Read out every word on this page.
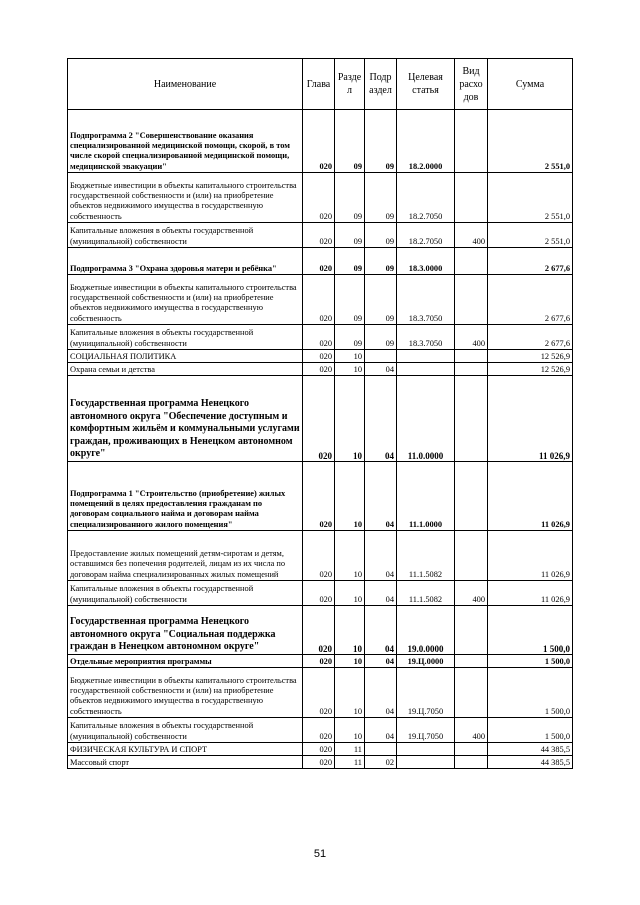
Наименование	Глава	Разде л	Подр аздел	Целевая статья	Вид расхо дов	Сумма
Подпрограмма 2 "Совершенствование оказания специализированной медицинской помощи, скорой, в том числе скорой специализированной медицинской помощи, медицинской эвакуации"	020	09	09	18.2.0000		2 551,0
Бюджетные инвестиции в объекты капитального строительства государственной собственности и (или) на приобретение объектов недвижимого имущества в государственную собственность	020	09	09	18.2.7050		2 551,0
Капитальные вложения в объекты государственной (муниципальной) собственности	020	09	09	18.2.7050	400	2 551,0
Подпрограмма 3 "Охрана здоровья матери и ребёнка"	020	09	09	18.3.0000		2 677,6
Бюджетные инвестиции в объекты капитального строительства государственной собственности и (или) на приобретение объектов недвижимого имущества в государственную собственность	020	09	09	18.3.7050		2 677,6
Капитальные вложения в объекты государственной (муниципальной) собственности	020	09	09	18.3.7050	400	2 677,6
СОЦИАЛЬНАЯ ПОЛИТИКА	020	10				12 526,9
Охрана семьи и детства	020	10	04			12 526,9
Государственная программа Ненецкого автономного округа "Обеспечение доступным и комфортным жильём и коммунальными услугами граждан, проживающих в Ненецком автономном округе"	020	10	04	11.0.0000		11 026,9
Подпрограмма 1 "Строительство (приобретение) жилых помещений в целях предоставления гражданам по договорам социального найма и договорам найма специализированного жилого помещения"	020	10	04	11.1.0000		11 026,9
Предоставление жилых помещений детям-сиротам и детям, оставшимся без попечения родителей, лицам из их числа по договорам найма специализированных жилых помещений	020	10	04	11.1.5082		11 026,9
Капитальные вложения в объекты государственной (муниципальной) собственности	020	10	04	11.1.5082	400	11 026,9
Государственная программа Ненецкого автономного округа "Социальная поддержка граждан в Ненецком автономном округе"	020	10	04	19.0.0000		1 500,0
Отдельные мероприятия программы	020	10	04	19.Ц.0000		1 500,0
Бюджетные инвестиции в объекты капитального строительства государственной собственности и (или) на приобретение объектов недвижимого имущества в государственную собственность	020	10	04	19.Ц.7050		1 500,0
Капитальные вложения в объекты государственной (муниципальной) собственности	020	10	04	19.Ц.7050	400	1 500,0
ФИЗИЧЕСКАЯ КУЛЬТУРА И СПОРТ	020	11				44 385,5
Массовый спорт	020	11	02			44 385,5
51
